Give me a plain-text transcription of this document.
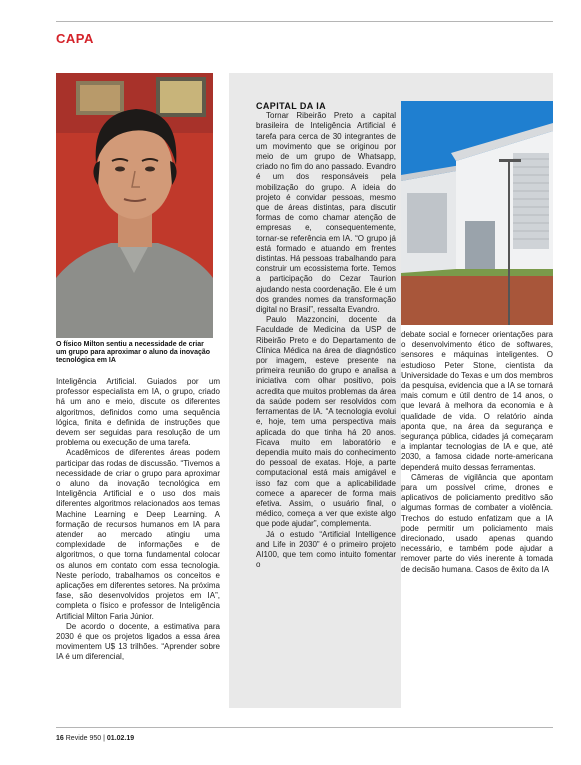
CAPA
O físico Milton sentiu a necessidade de criar um grupo para aproximar o aluno da inovação tecnológica em IA

Inteligência Artificial. Guiados por um professor especialista em IA, o grupo, criado há um ano e meio, discute os diferentes algoritmos, definidos como uma sequência lógica, finita e definida de instruções que devem ser seguidas para resolução de um problema ou execução de uma tarefa.

Acadêmicos de diferentes áreas podem participar das rodas de discussão. “Tivemos a necessidade de criar o grupo para aproximar o aluno da inovação tecnológica em Inteligência Artificial e o uso dos mais diferentes algoritmos relacionados aos temas Machine Learning e Deep Learning. A formação de recursos humanos em IA para atender ao mercado atingiu uma complexidade de informações e de algoritmos, o que torna fundamental colocar os alunos em contato com essa tecnologia. Neste período, trabalhamos os conceitos e aplicações em diferentes setores. Na próxima fase, são desenvolvidos projetos em IA”, completa o físico e professor de Inteligência Artificial Milton Faria Júnior.

De acordo o docente, a estimativa para 2030 é que os projetos ligados a essa área movimentem U$ 13 trilhões. “Aprender sobre IA é um diferencial,

CAPITAL DA IA

Tornar Ribeirão Preto a capital brasileira de Inteligência Artificial é tarefa para cerca de 30 integrantes de um movimento que se originou por meio de um grupo de Whatsapp, criado no fim do ano passado. Evandro é um dos responsáveis pela mobilização do grupo. A ideia do projeto é convidar pessoas, mesmo que de áreas distintas, para discutir formas de como chamar atenção de empresas e, consequentemente, tornar-se referência em IA. “O grupo já está formado e atuando em frentes distintas. Há pessoas trabalhando para construir um ecossistema forte. Temos a participação do Cezar Taurion ajudando nesta coordenação. Ele é um dos grandes nomes da transformação digital no Brasil”, ressalta Evandro.

Paulo Mazzoncini, docente da Faculdade de Medicina da USP de Ribeirão Preto e do Departamento de Clínica Médica na área de diagnóstico por imagem, esteve presente na primeira reunião do grupo e analisa a iniciativa com olhar positivo, pois acredita que muitos problemas da área da saúde podem ser resolvidos com ferramentas de IA. “A tecnologia evolui e, hoje, tem uma perspectiva mais aplicada do que tinha há 20 anos. Ficava muito em laboratório e dependia muito mais do conhecimento do pessoal de exatas. Hoje, a parte computacional está mais amigável e isso faz com que a aplicabilidade comece a aparecer de forma mais efetiva. Assim, o usuário final, o médico, começa a ver que existe algo que pode ajudar”, complementa.

Já o estudo “Artificial Intelligence and Life in 2030” é o primeiro projeto AI100, que tem como intuito fomentar o

debate social e fornecer orientações para o desenvolvimento ético de softwares, sensores e máquinas inteligentes. O estudioso Peter Stone, cientista da Universidade do Texas e um dos membros da pesquisa, evidencia que a IA se tornará mais comum e útil dentro de 14 anos, o que levará à melhora da economia e à qualidade de vida. O relatório ainda aponta que, na área da segurança e segurança pública, cidades já começaram a implantar tecnologias de IA e que, até 2030, a famosa cidade norte-americana dependerá muito dessas ferramentas.

Câmeras de vigilância que apontam para um possível crime, drones e aplicativos de policiamento preditivo são algumas formas de combater a violência. Trechos do estudo enfatizam que a IA pode permitir um policiamento mais direcionado, usado apenas quando necessário, e também pode ajudar a remover parte do viés inerente à tomada de decisão humana. Casos de êxito da IA

16 Revide 950 | 01.02.19
